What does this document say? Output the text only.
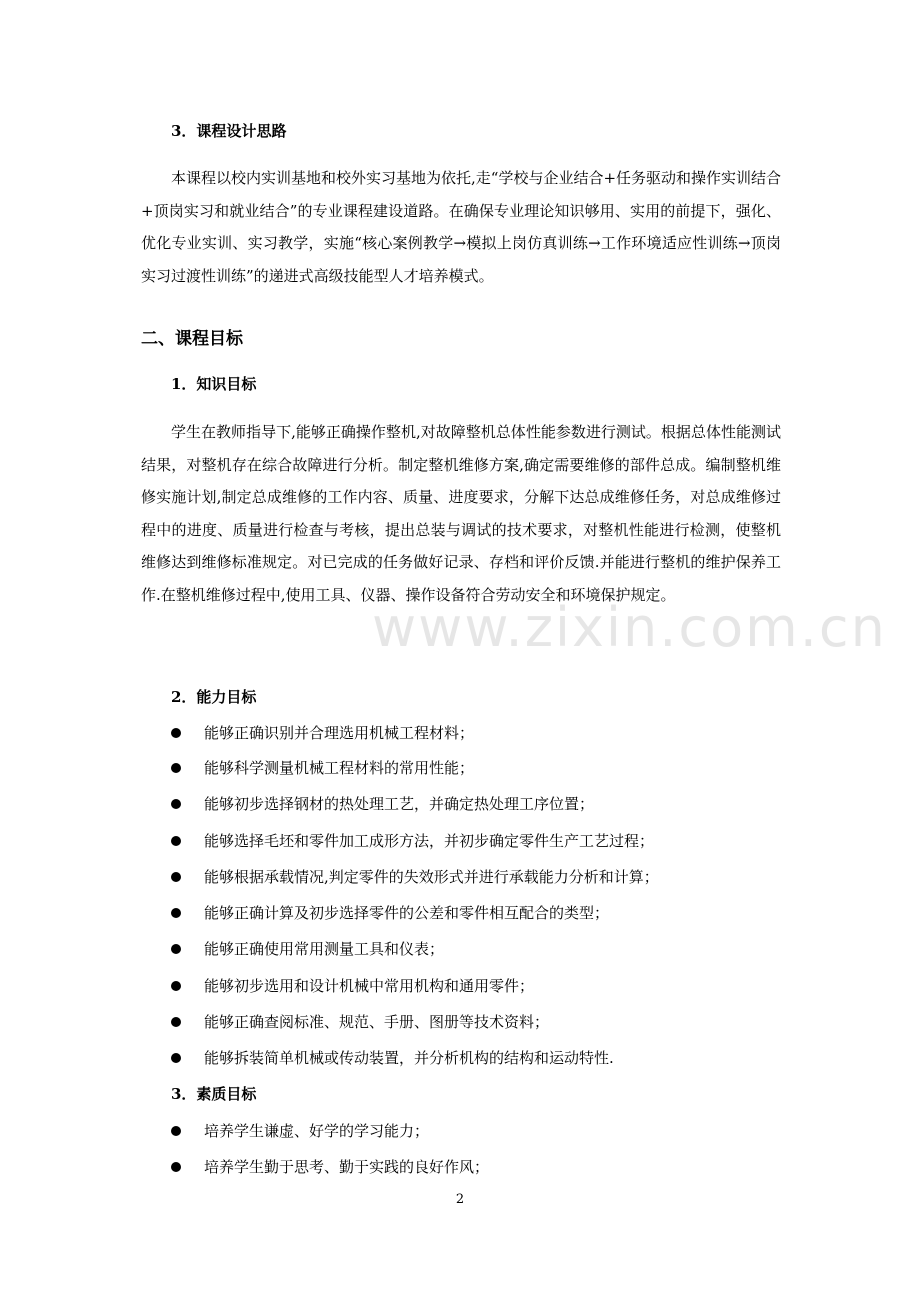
3．课程设计思路

本课程以校内实训基地和校外实习基地为依托,走“学校与企业结合+任务驱动和操作实训结合+顶岗实习和就业结合”的专业课程建设道路。在确保专业理论知识够用、实用的前提下，强化、优化专业实训、实习教学，实施“核心案例教学→模拟上岗仿真训练→工作环境适应性训练→顶岗实习过渡性训练”的递进式高级技能型人才培养模式。

二、课程目标
1．知识目标

学生在教师指导下,能够正确操作整机,对故障整机总体性能参数进行测试。根据总体性能测试结果，对整机存在综合故障进行分析。制定整机维修方案,确定需要维修的部件总成。编制整机维修实施计划,制定总成维修的工作内容、质量、进度要求，分解下达总成维修任务，对总成维修过程中的进度、质量进行检查与考核，提出总装与调试的技术要求，对整机性能进行检测，使整机维修达到维修标准规定。对已完成的任务做好记录、存档和评价反馈.并能进行整机的维护保养工作.在整机维修过程中,使用工具、仪器、操作设备符合劳动安全和环境保护规定。

2．能力目标
能够正确识别并合理选用机械工程材料；
能够科学测量机械工程材料的常用性能；
能够初步选择钢材的热处理工艺，并确定热处理工序位置；
能够选择毛坯和零件加工成形方法，并初步确定零件生产工艺过程；
能够根据承载情况,判定零件的失效形式并进行承载能力分析和计算；
能够正确计算及初步选择零件的公差和零件相互配合的类型；
能够正确使用常用测量工具和仪表；
能够初步选用和设计机械中常用机构和通用零件；
能够正确查阅标准、规范、手册、图册等技术资料；
能够拆装简单机械或传动装置，并分析机构的结构和运动特性.
3．素质目标
培养学生谦虚、好学的学习能力；
培养学生勤于思考、勤于实践的良好作风；
www.zixin.com.cn
2
